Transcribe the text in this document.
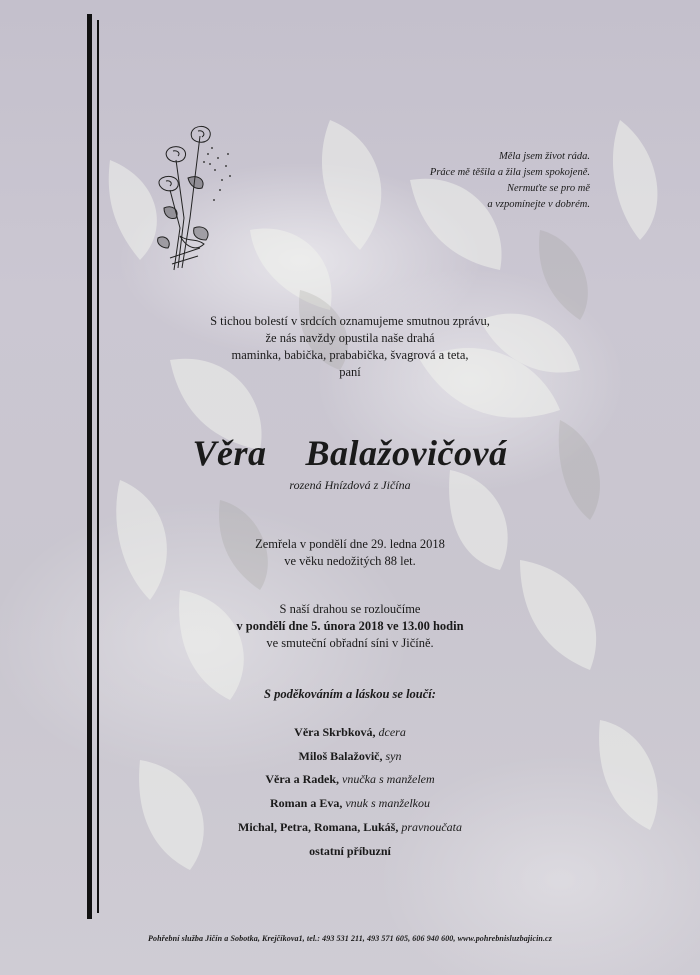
Měla jsem život ráda.
Práce mě těšila a žila jsem spokojeně.
Nermuťte se pro mě
a vzpomínejte v dobrém.
S tichou bolestí v srdcích oznamujeme smutnou zprávu,
že nás navždy opustila naše drahá
maminka, babička, prababička, švagrová a teta,
paní
Věra  Balažovičová
rozená Hnízdová z Jičína
Zemřela v pondělí dne 29. ledna 2018
ve věku nedožitých 88 let.
S naší drahou se rozloučíme
v pondělí dne 5. února 2018 ve 13.00 hodin
ve smuteční obřadní síni v Jičíně.
S poděkováním a láskou se loučí:
Věra Skrbková, dcera
Miloš Balažovič, syn
Věra a Radek, vnučka s manželem
Roman a Eva, vnuk s manželkou
Michal, Petra, Romana, Lukáš, pravnoučata
ostatní příbuzní
Pohřební služba Jičín a Sobotka, Krejčíkova1, tel.: 493 531 211, 493 571 605, 606 940 600, www.pohrebnisluzbajicin.cz
